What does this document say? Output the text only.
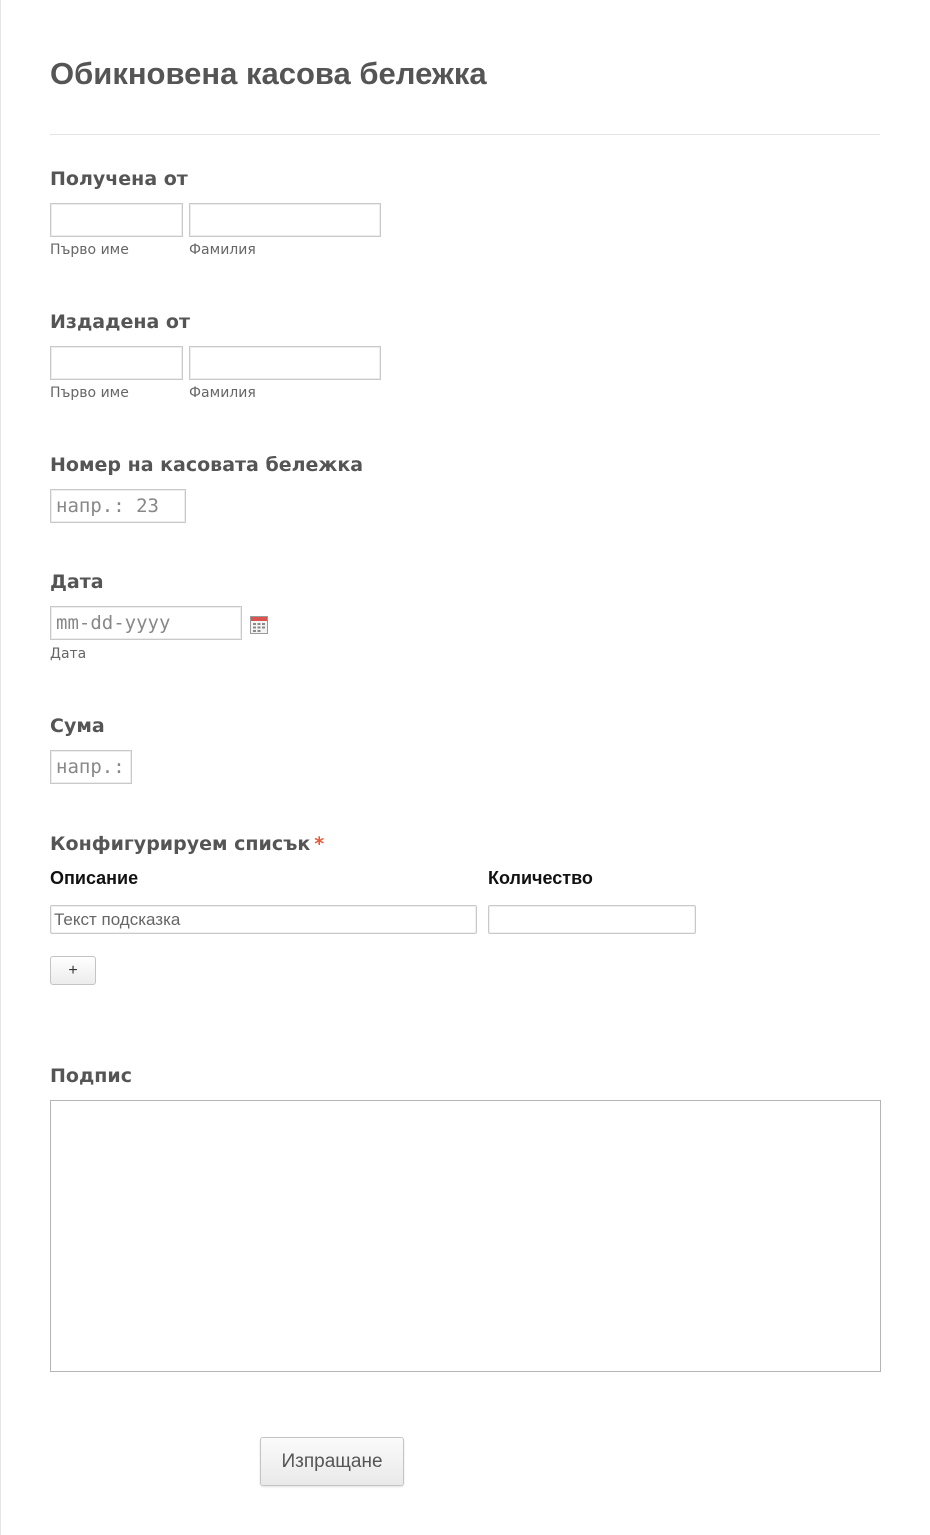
Обикновена касова бележка
Получена от
Първо име	Фамилия
Издадена от
Първо име	Фамилия
Номер на касовата бележка
напр.: 23
Дата
mm-dd-yyyy
Дата
Сума
напр.:
Конфигурируем списък *
Описание	Количество
Текст подсказка
+
Подпис
Изпращане
